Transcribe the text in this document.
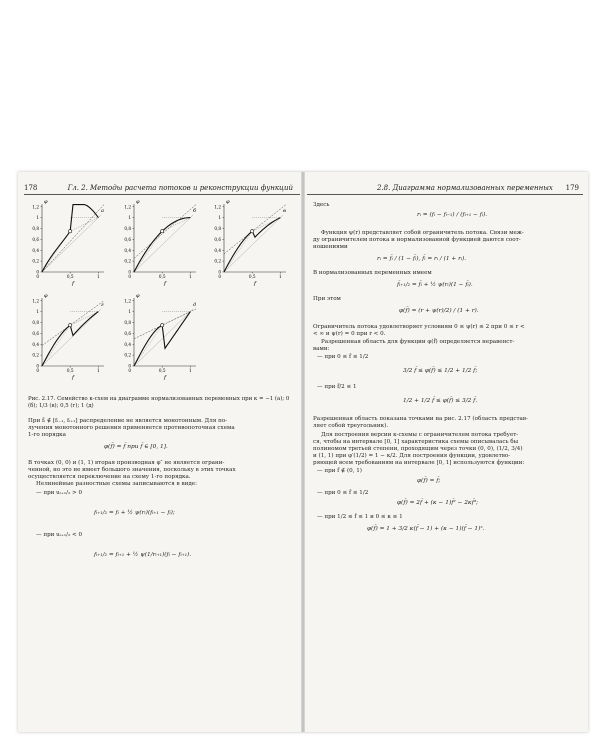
178	Гл. 2. Методы расчета потоков и реконструкции функций
1,2
1
0,8
0,6
0,4
0,2
0
0,5	1
0
φ
f
а
1,2
1
0,8
0,6
0,4
0,2
0
0,5	1
0
φ
f
б
1,2
1
0,8
0,6
0,4
0,2
0
0,5	1
0
φ
f
в
1,2
1
0,8
0,6
0,4
0,2
0
0,5	1
0
φ
f
г
1,2
1
0,8
0,6
0,4
0,2
0
0,5	1
0
φ
f
д
Рис. 2.17. Семейство κ-схем на диаграмме нормализованных переменных при κ = −1 (а); 0 (б); 1/3 (в); 0,5 (г); 1 (д)
При f̃ᵢ ∉ [fᵢ₋₁, fᵢ₊₁] распределение не является монотонным. Для по-
лучения монотонного решения применяется противопоточная схема
1-го порядка
φ(f̃) = f̃ при f̃ ∈ [0, 1].
В точках (0, 0) и (1, 1) вторая производная φ″ не является ограни-
ченной, но это не имеет большого значения, поскольку в этих точках
осуществляется переключение на схему 1-го порядка.
Нелинейные разностные схемы записываются в виде:
— при uᵢ₊₁/₂ > 0
fᵢ₊₁/₂ = fᵢ + ½ ψ(rᵢ)(fᵢ₊₁ − fᵢ);
— при uᵢ₊₁/₂ < 0
fᵢ₊₁/₂ = fᵢ₊₁ + ½ ψ(1/rᵢ₊₁)(fᵢ − fᵢ₊₁).
2.8. Диаграмма нормализованных переменных 179
Здесь
rᵢ = (fᵢ − fᵢ₋₁) / (fᵢ₊₁ − fᵢ).
Функция ψ(r) представляет собой ограничитель потока. Связи меж-
ду ограничителем потока и нормализованной функцией даются соот-
ношениями
rᵢ = f̃ᵢ / (1 − f̃ᵢ), f̃ᵢ = rᵢ / (1 + rᵢ).
В нормализованных переменных имеем
f̃ᵢ₊₁/₂ = f̃ᵢ + ½ ψ(rᵢ)(1 − f̃ᵢ).
При этом
φ(f̃) = (r + ψ(r)/2) / (1 + r).
Ограничитель потока удовлетворяет условиям 0 ≤ ψ(r) ≤ 2 при 0 ≤ r <
< ∞ и ψ(r) = 0 при r < 0.
Разрешенная область для функции φ(f̃) определяется неравенст-
вами:
— при 0 ≤ f̃ ≤ 1/2
3/2 f̃ ≤ φ(f̃) ≤ 1/2 + 1/2 f̃;
— при f̃/2 ≤ 1
1/2 + 1/2 f̃ ≤ φ(f̃) ≤ 3/2 f̃.
Разрешенная область показана точками на рис. 2.17 (область представ-
ляет собой треугольник).
Для построения версии κ-схемы с ограничителем потока требует-
ся, чтобы на интервале [0, 1] характеристика схемы описывалась бы
полиномом третьей степени, проходящим через точки (0, 0), (1/2, 3/4)
и (1, 1) при φ′(1/2) = 1 − κ/2. Для построения функции, удовлетво-
ряющей всем требованиям на интервале [0, 1] используются функции:
— при f̃ ∉ (0, 1)
φ(f̃) = f̃;
— при 0 ≤ f̃ ≤ 1/2
φ(f̃) = 2f̃ + (κ − 1)f̃² − 2κf̃³;
— при 1/2 ≤ f̃ ≤ 1 и 0 ≤ κ ≤ 1
φ(f̃) = 1 + 3/2 κ(f̃ − 1) + (κ − 1)(f̃ − 1)².
